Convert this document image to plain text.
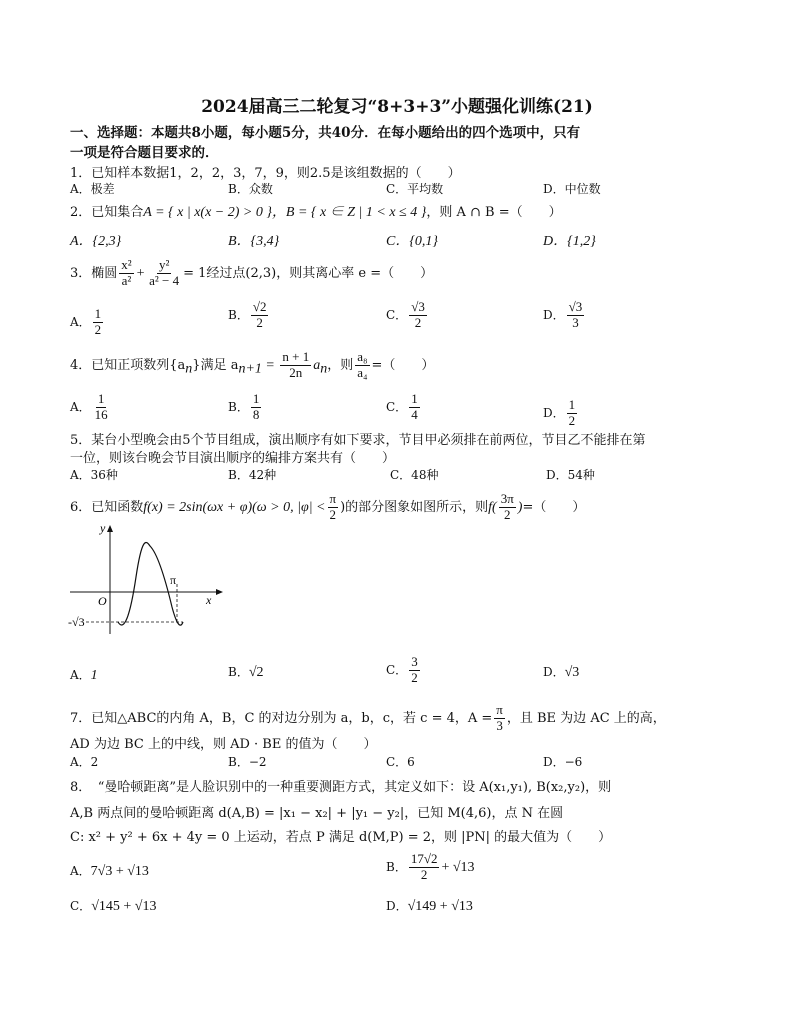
2024届高三二轮复习“8+3+3”小题强化训练(21)
一、选择题：本题共8小题，每小题5分，共40分．在每小题给出的四个选项中，只有
一项是符合题目要求的．
1．已知样本数据1，2，2，3，7，9，则2.5是该组数据的（　　）
A．极差	B．众数	C．平均数	D．中位数
2．已知集合A = { x | x(x − 2) > 0 }，B = { x ∈ Z | 1 < x ≤ 4 }，则 A ∩ B =（　　）
A．{2,3}	B．{3,4}	C．{0,1}	D．{1,2}
3．椭圆 $\frac{\text{x²}}{\text{a²}} + \frac{\text{y²}}{\text{a² − 4}} = 1$经过点(2,3)，则其离心率 e =（　　）
A． $\frac{1}{2}$	B． $\frac{√2}{2}$	C． $\frac{√3}{2}$	D． $\frac{√3}{3}$
4．已知正项数列$\{a_n\}$满足 $a_{n+1} = \frac{n + 1}{2n} a_n$，则 $\frac{\text{a₈}}{\text{a₄}}$ =（　　）
A． $\frac{1}{16}$	B． $\frac{1}{8}$	C． $\frac{1}{4}$	D． $\frac{1}{2}$
5．某台小型晚会由5个节目组成，演出顺序有如下要求，节目甲必须排在前两位，节目乙不能排在第
一位，则该台晚会节目演出顺序的编排方案共有（　　）
A．36种	B．42种	C．48种	D．54种
6．已知函数f(x) = 2sin(ωx + φ)(ω > 0, $|\varphi| < \frac{\pi}{2}$ )的部分图象如图所示，则$f( \frac{3\pi}{2}$ )=（　　）
y
x
O
π
-√3
A．1	B．√2	C． $\frac{3}{2}$	D．√3
7．已知△ABC的内角 A，B，C 的对边分别为 a，b，c，若 c = 4，$A = \frac{\pi}{3}$ ，且 BE 为边 AC 上的高，
AD 为边 BC 上的中线，则 AD · BE 的值为（　　）
A．2	B．−2	C．6	D．−6
8．　“曼哈顿距离”是人脸识别中的一种重要测距方式，其定义如下：设 A(x₁,y₁), B(x₂,y₂)，则
A,B 两点间的曼哈顿距离 d(A,B) = |x₁ − x₂| + |y₁ − y₂|，已知 M(4,6)，点 N 在圆
C: x² + y² + 6x + 4y = 0 上运动，若点 P 满足 d(M,P) = 2，则 |PN| 的最大值为（　　）
A．7√3 + √13	B． $\frac{17√2}{2} + √13$
C．√145 + √13	D．√149 + √13
